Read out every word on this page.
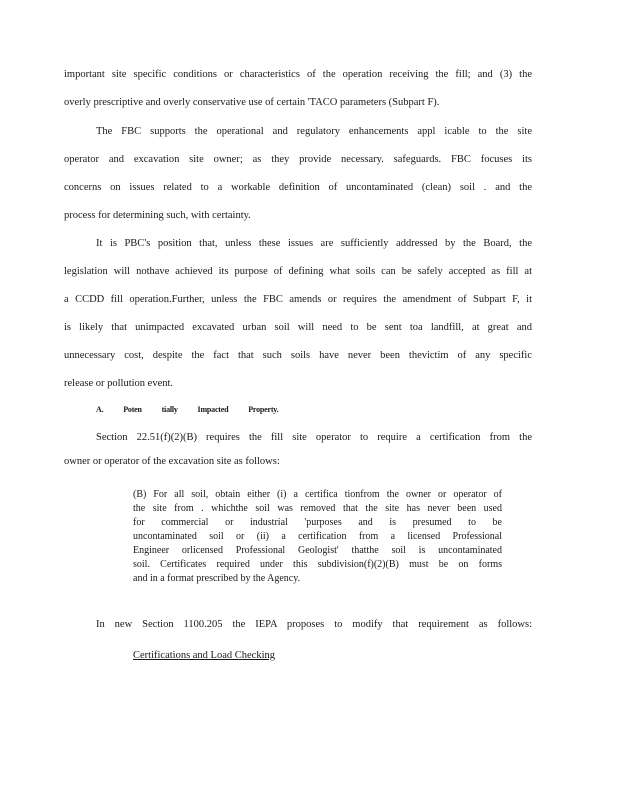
important site specific conditions or characteristics of the operation receiving the fill; and (3) the
overly prescriptive and overly conservative use of certain 'TACO parameters (Subpart F).
The FBC supports the operational and regulatory enhancements appl icable to the site
operator and excavation site owner; as they provide necessary. safeguards. FBC focuses its
concerns on issues related to a workable definition of uncontaminated (clean) soil . and the
process for determining such, with certainty.
It is PBC's position that, unless these issues are sufficiently addressed by the Board, the
legislation will nothave achieved its purpose of defining what soils can be safely accepted as fill at
a CCDD fill operation.Further, unless the FBC amends or requires the amendment of Subpart F, it
is likely that unimpacted excavated urban soil will need to be sent toa landfill, at great and
unnecessary cost, despite the fact that such soils have never been thevictim of any specific
release or pollution event.
A. Poten tially Impacted Property.
Section 22.51(f)(2)(B) requires the fill site operator to require a certification from the
owner or operator of the excavation site as follows:
(B) For all soil, obtain either (i) a certifica tionfrom the owner or operator of
the site from . whichthe soil was removed that the site has never been used
for commercial or industrial 'purposes and is presumed to be
uncontaminated soil or (ii) a certification from a licensed Professional
Engineer orlicensed Professional Geologist' thatthe soil is uncontaminated
soil. Certificates required under this subdivision(f)(2)(B) must be on forms
and in a format prescribed by the Agency.
In new Section 1100.205 the IEPA proposes to modify that requirement as follows:
Certifications and Load Checking
